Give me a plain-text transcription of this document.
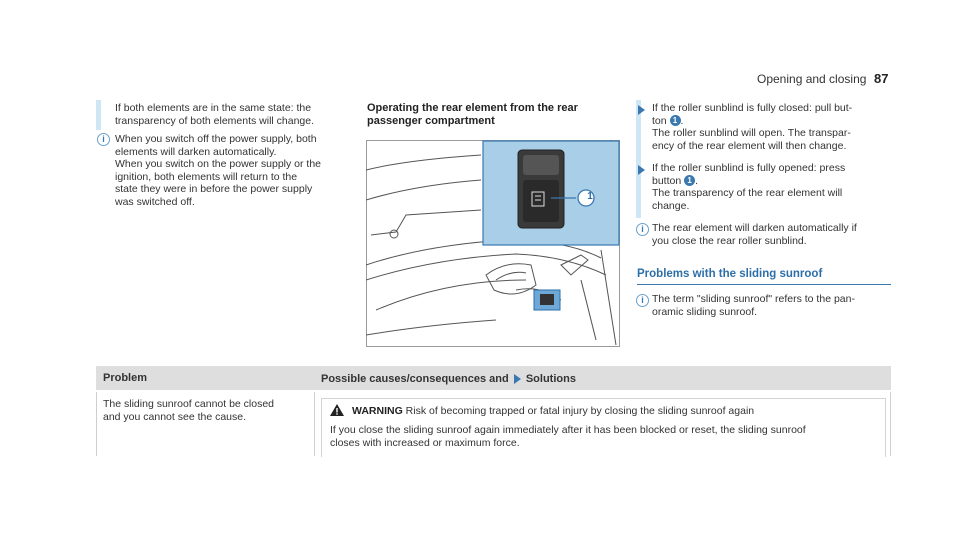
Opening and closing 87
If both elements are in the same state: the
transparency of both elements will change.
i When you switch off the power supply, both
elements will darken automatically.
When you switch on the power supply or the
ignition, both elements will return to the
state they were in before the power supply
was switched off.
Operating the rear element from the rear
passenger compartment
1
If the roller sunblind is fully closed: pull but-
ton 1 .
The roller sunblind will open. The transpar-
ency of the rear element will then change.
If the roller sunblind is fully opened: press
button 1 .
The transparency of the rear element will
change.
i The rear element will darken automatically if
you close the rear roller sunblind.
Problems with the sliding sunroof
i The term "sliding sunroof" refers to the pan-
oramic sliding sunroof.
Problem	Possible causes/consequences and Solutions
The sliding sunroof cannot be closed
and you cannot see the cause.	WARNING Risk of becoming trapped or fatal injury by closing the sliding sunroof again
If you close the sliding sunroof again immediately after it has been blocked or reset, the sliding sunroof
closes with increased or maximum force.
